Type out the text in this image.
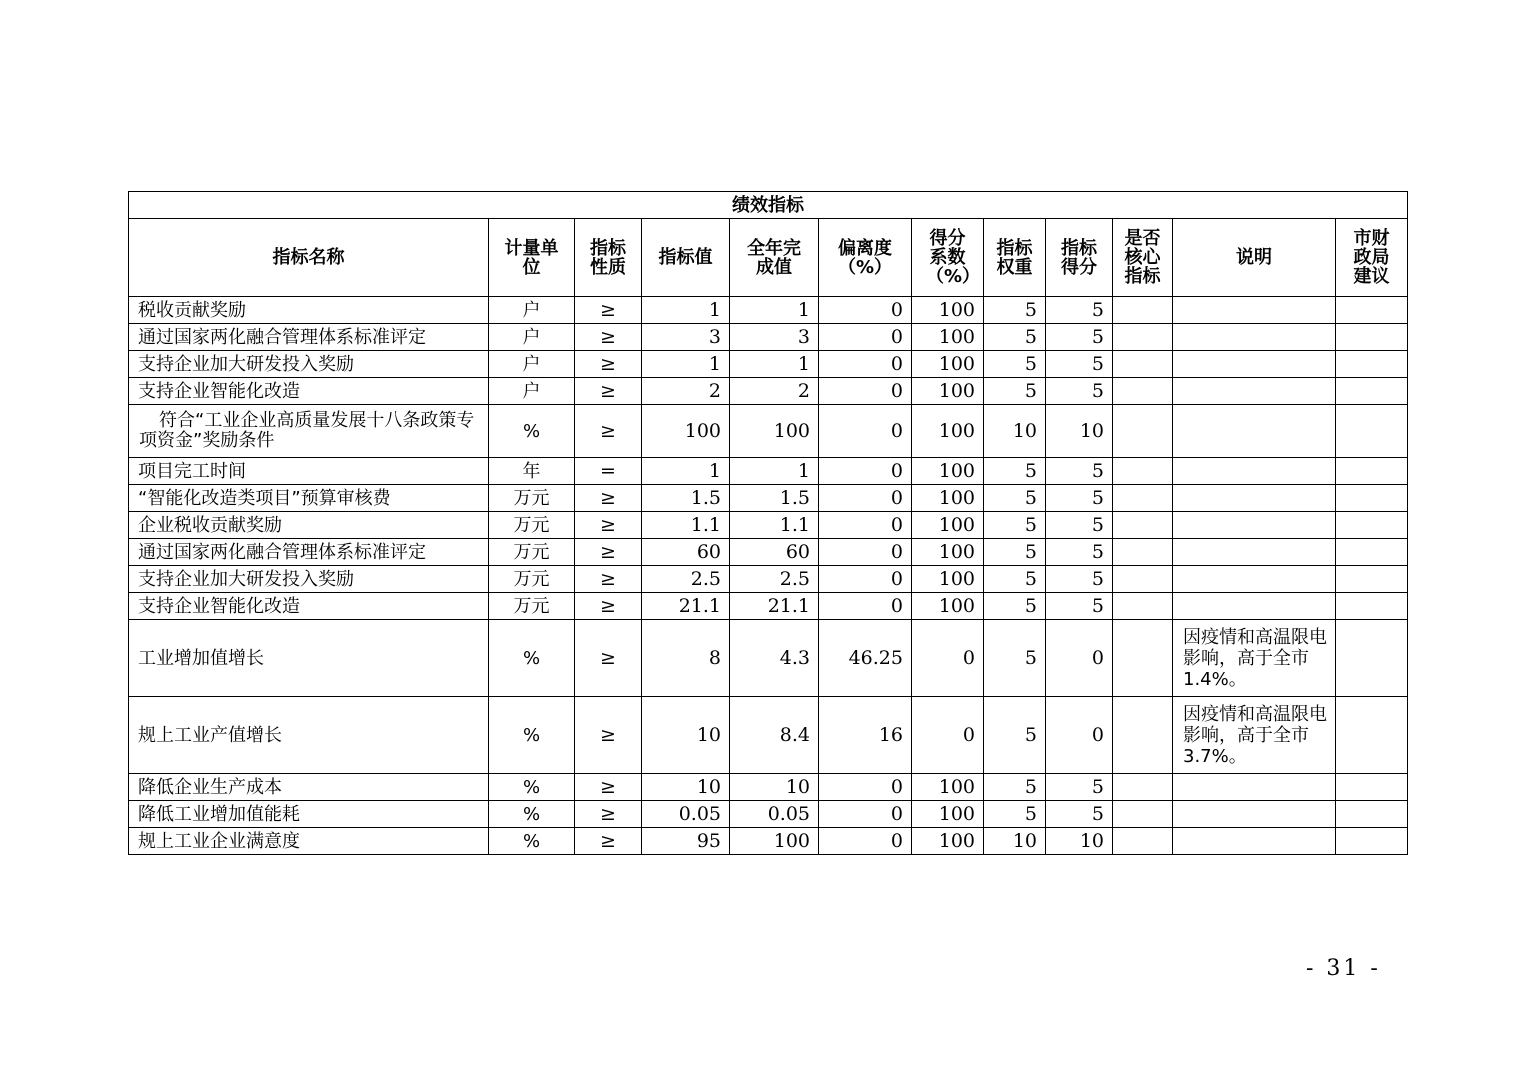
绩效指标											
指标名称	计量单位	指标性质	指标值	全年完成值	偏离度（%）	得分系数（%）	指标权重	指标得分	是否核心指标	说明	市财政局建议
税收贡献奖励	户	≥	1	1	0	100	5	5			
通过国家两化融合管理体系标准评定	户	≥	3	3	0	100	5	5			
支持企业加大研发投入奖励	户	≥	1	1	0	100	5	5			
支持企业智能化改造	户	≥	2	2	0	100	5	5			
符合“工业企业高质量发展十八条政策专项资金”奖励条件	%	≥	100	100	0	100	10	10			
项目完工时间	年	=	1	1	0	100	5	5			
“智能化改造类项目”预算审核费	万元	≥	1.5	1.5	0	100	5	5			
企业税收贡献奖励	万元	≥	1.1	1.1	0	100	5	5			
通过国家两化融合管理体系标准评定	万元	≥	60	60	0	100	5	5			
支持企业加大研发投入奖励	万元	≥	2.5	2.5	0	100	5	5			
支持企业智能化改造	万元	≥	21.1	21.1	0	100	5	5			
工业增加值增长	%	≥	8	4.3	46.25	0	5	0		因疫情和高温限电影响，高于全市 1.4%。	
规上工业产值增长	%	≥	10	8.4	16	0	5	0		因疫情和高温限电影响，高于全市 3.7%。	
降低企业生产成本	%	≥	10	10	0	100	5	5			
降低工业增加值能耗	%	≥	0.05	0.05	0	100	5	5			
规上工业企业满意度	%	≥	95	100	0	100	10	10			
- 31 -
